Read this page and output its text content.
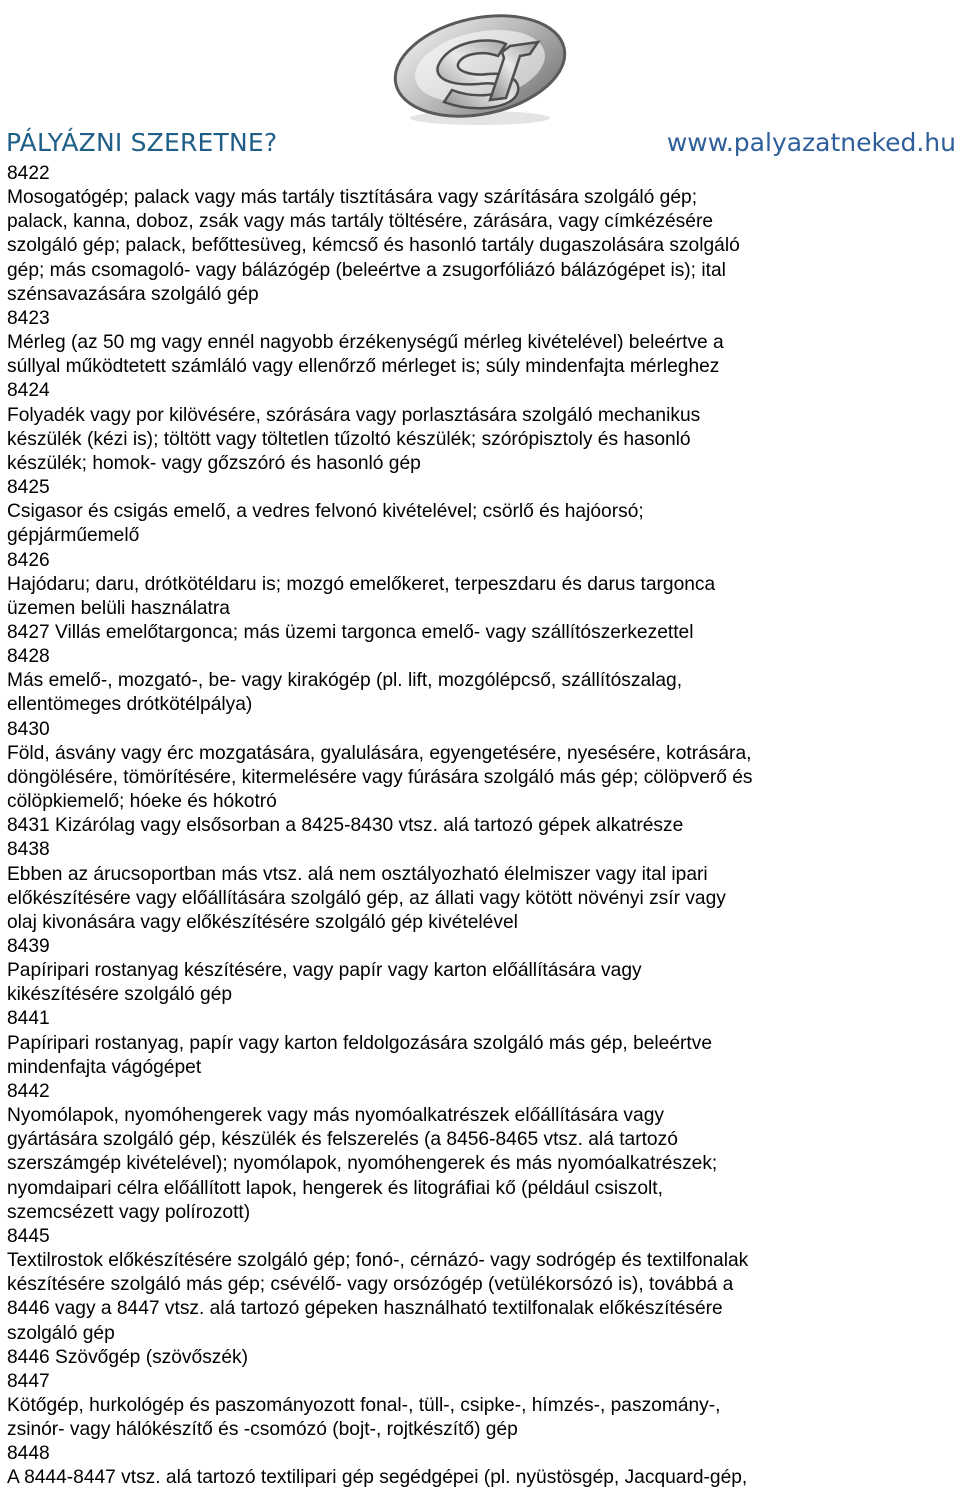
PÁLYÁZNI SZERETNE?	www.palyazatneked.hu

8422

Mosogatógép; palack vagy más tartály tisztítására vagy szárítására szolgáló gép;

palack, kanna, doboz, zsák vagy más tartály töltésére, zárására, vagy címkézésére

szolgáló gép; palack, befőttesüveg, kémcső és hasonló tartály dugaszolására szolgáló

gép; más csomagoló- vagy bálázógép (beleértve a zsugorfóliázó bálázógépet is); ital

szénsavazására szolgáló gép

8423

Mérleg (az 50 mg vagy ennél nagyobb érzékenységű mérleg kivételével) beleértve a

súllyal működtetett számláló vagy ellenőrző mérleget is; súly mindenfajta mérleghez

8424

Folyadék vagy por kilövésére, szórására vagy porlasztására szolgáló mechanikus

készülék (kézi is); töltött vagy töltetlen tűzoltó készülék; szórópisztoly és hasonló

készülék; homok- vagy gőzszóró és hasonló gép

8425

Csigasor és csigás emelő, a vedres felvonó kivételével; csörlő és hajóorsó;

gépjárműemelő

8426

Hajódaru; daru, drótkötéldaru is; mozgó emelőkeret, terpeszdaru és darus targonca

üzemen belüli használatra

8427 Villás emelőtargonca; más üzemi targonca emelő- vagy szállítószerkezettel

8428

Más emelő-, mozgató-, be- vagy kirakógép (pl. lift, mozgólépcső, szállítószalag,

ellentömeges drótkötélpálya)

8430

Föld, ásvány vagy érc mozgatására, gyalulására, egyengetésére, nyesésére, kotrására,

döngölésére, tömörítésére, kitermelésére vagy fúrására szolgáló más gép; cölöpverő és

cölöpkiemelő; hóeke és hókotró

8431 Kizárólag vagy elsősorban a 8425-8430 vtsz. alá tartozó gépek alkatrésze

8438

Ebben az árucsoportban más vtsz. alá nem osztályozható élelmiszer vagy ital ipari

előkészítésére vagy előállítására szolgáló gép, az állati vagy kötött növényi zsír vagy

olaj kivonására vagy előkészítésére szolgáló gép kivételével

8439

Papíripari rostanyag készítésére, vagy papír vagy karton előállítására vagy

kikészítésére szolgáló gép

8441

Papíripari rostanyag, papír vagy karton feldolgozására szolgáló más gép, beleértve

mindenfajta vágógépet

8442

Nyomólapok, nyomóhengerek vagy más nyomóalkatrészek előállítására vagy

gyártására szolgáló gép, készülék és felszerelés (a 8456-8465 vtsz. alá tartozó

szerszámgép kivételével); nyomólapok, nyomóhengerek és más nyomóalkatrészek;

nyomdaipari célra előállított lapok, hengerek és litográfiai kő (például csiszolt,

szemcsézett vagy polírozott)

8445

Textilrostok előkészítésére szolgáló gép; fonó-, cérnázó- vagy sodrógép és textilfonalak

készítésére szolgáló más gép; csévélő- vagy orsózógép (vetülékorsózó is), továbbá a

8446 vagy a 8447 vtsz. alá tartozó gépeken használható textilfonalak előkészítésére

szolgáló gép

8446 Szövőgép (szövőszék)

8447

Kötőgép, hurkológép és paszományozott fonal-, tüll-, csipke-, hímzés-, paszomány-,

zsinór- vagy hálókészítő és -csomózó (bojt-, rojtkészítő) gép

8448

A 8444-8447 vtsz. alá tartozó textilipari gép segédgépei (pl. nyüstösgép, Jacquard-gép,
